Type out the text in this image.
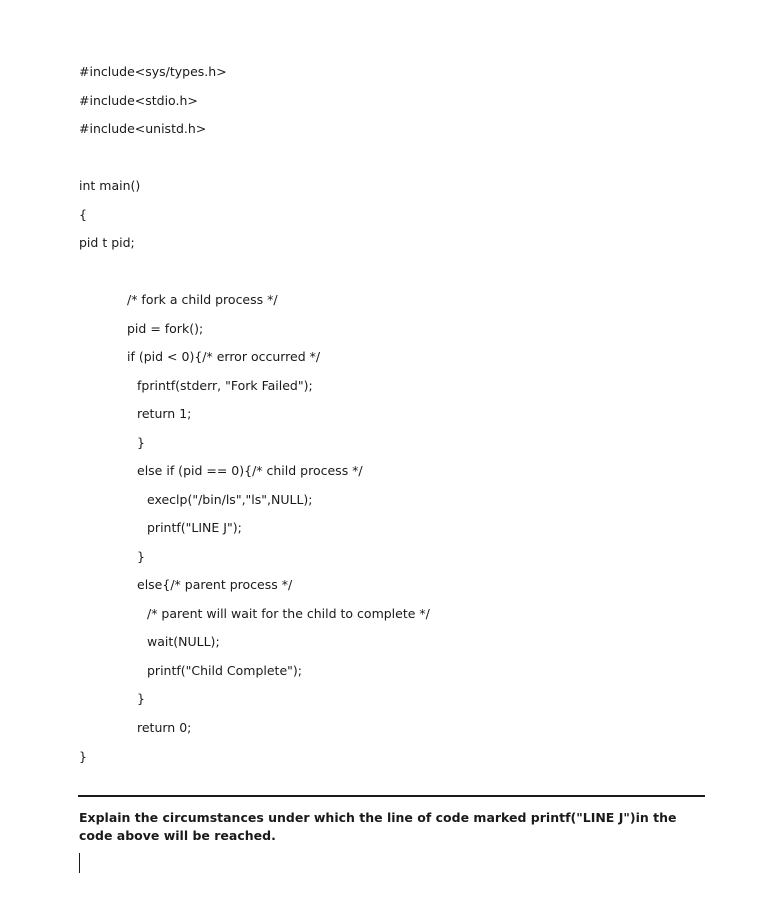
#include<sys/types.h>
#include<stdio.h>
#include<unistd.h>
int main()
{
pid t pid;
/* fork a child process */
pid = fork();
if (pid < 0){/* error occurred */
fprintf(stderr, "Fork Failed");
return 1;
}
else if (pid == 0){/* child process */
execlp("/bin/ls","ls",NULL);
printf("LINE J");
}
else{/* parent process */
/* parent will wait for the child to complete */
wait(NULL);
printf("Child Complete");
}
return 0;
}
Explain the circumstances under which the line of code marked printf("LINE J")in the code above will be reached.
